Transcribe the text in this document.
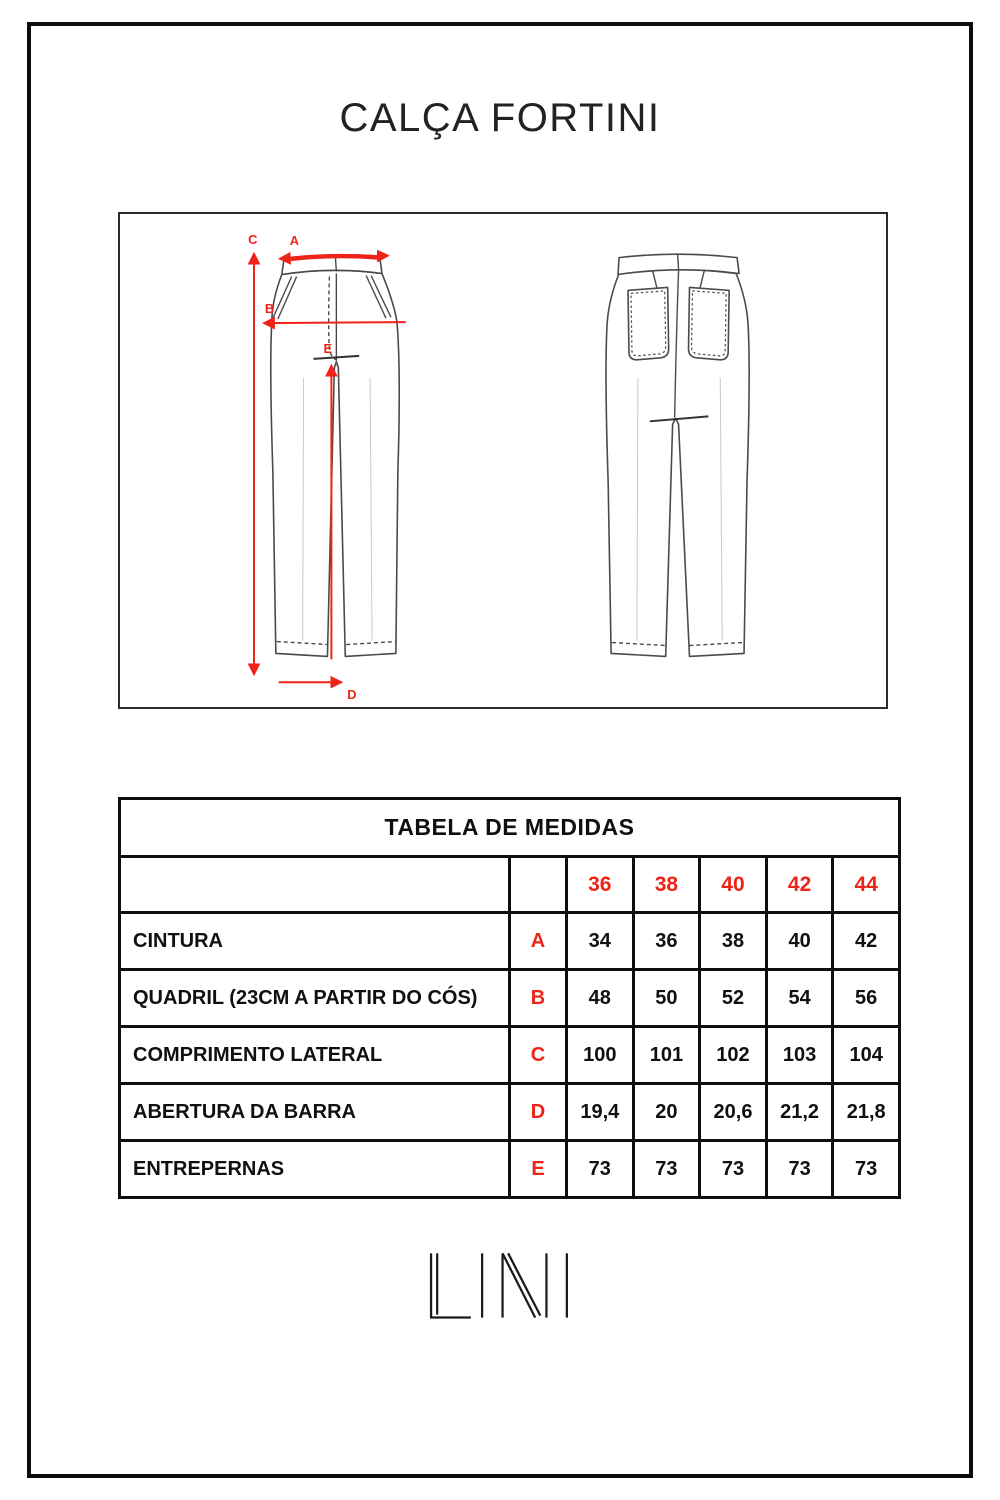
CALÇA FORTINI
C A
B
E
D
TABELA DE MEDIDAS						
		36	38	40	42	44
CINTURA	A	34	36	38	40	42
QUADRIL (23CM A PARTIR DO CÓS)	B	48	50	52	54	56
COMPRIMENTO LATERAL	C	100	101	102	103	104
ABERTURA DA BARRA	D	19,4	20	20,6	21,2	21,8
ENTREPERNAS	E	73	73	73	73	73
